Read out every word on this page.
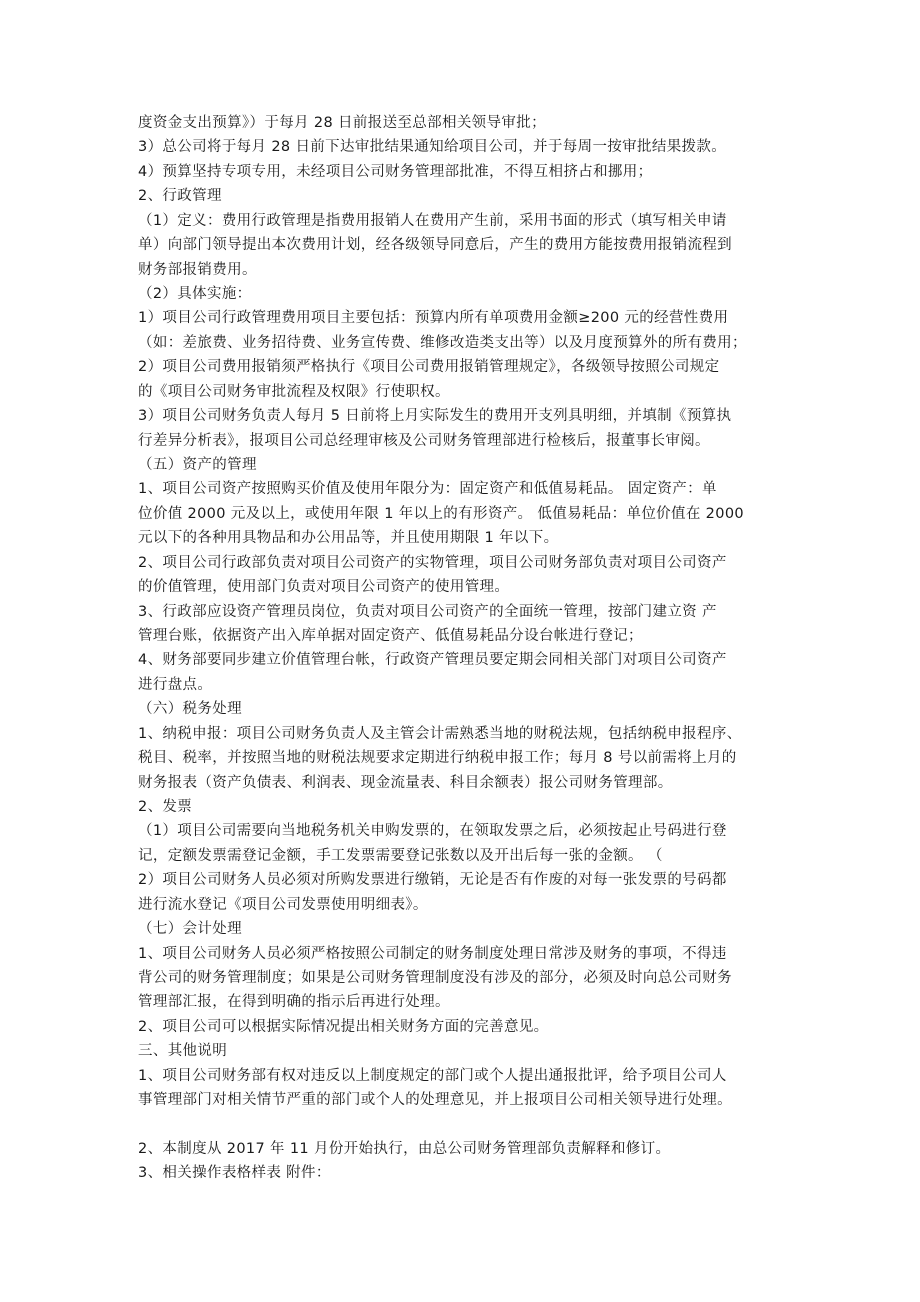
度资金支出预算》）于每月 28 日前报送至总部相关领导审批；
3）总公司将于每月 28 日前下达审批结果通知给项目公司，并于每周一按审批结果拨款。
4）预算坚持专项专用，未经项目公司财务管理部批准，不得互相挤占和挪用；
2、行政管理
（1）定义：费用行政管理是指费用报销人在费用产生前，采用书面的形式（填写相关申请
单）向部门领导提出本次费用计划，经各级领导同意后，产生的费用方能按费用报销流程到
财务部报销费用。
（2）具体实施：
1）项目公司行政管理费用项目主要包括：预算内所有单项费用金额≥200 元的经营性费用
（如：差旅费、业务招待费、业务宣传费、维修改造类支出等）以及月度预算外的所有费用；
2）项目公司费用报销须严格执行《项目公司费用报销管理规定》，各级领导按照公司规定
的《项目公司财务审批流程及权限》行使职权。
3）项目公司财务负责人每月 5 日前将上月实际发生的费用开支列具明细，并填制《预算执
行差异分析表》，报项目公司总经理审核及公司财务管理部进行检核后，报董事长审阅。
（五）资产的管理
1、项目公司资产按照购买价值及使用年限分为：固定资产和低值易耗品。 固定资产：单
位价值 2000 元及以上，或使用年限 1 年以上的有形资产。 低值易耗品：单位价值在 2000
元以下的各种用具物品和办公用品等，并且使用期限 1 年以下。
2、项目公司行政部负责对项目公司资产的实物管理，项目公司财务部负责对项目公司资产
的价值管理，使用部门负责对项目公司资产的使用管理。
3、行政部应设资产管理员岗位，负责对项目公司资产的全面统一管理，按部门建立资 产
管理台账，依据资产出入库单据对固定资产、低值易耗品分设台帐进行登记；
4、财务部要同步建立价值管理台帐，行政资产管理员要定期会同相关部门对项目公司资产
进行盘点。
（六）税务处理
1、纳税申报：项目公司财务负责人及主管会计需熟悉当地的财税法规，包括纳税申报程序、
税目、税率，并按照当地的财税法规要求定期进行纳税申报工作；每月 8 号以前需将上月的
财务报表（资产负债表、利润表、现金流量表、科目余额表）报公司财务管理部。
2、发票
（1）项目公司需要向当地税务机关申购发票的，在领取发票之后，必须按起止号码进行登
记，定额发票需登记金额，手工发票需要登记张数以及开出后每一张的金额。 （
2）项目公司财务人员必须对所购发票进行缴销，无论是否有作废的对每一张发票的号码都
进行流水登记《项目公司发票使用明细表》。
（七）会计处理
1、项目公司财务人员必须严格按照公司制定的财务制度处理日常涉及财务的事项，不得违
背公司的财务管理制度；如果是公司财务管理制度没有涉及的部分，必须及时向总公司财务
管理部汇报，在得到明确的指示后再进行处理。
2、项目公司可以根据实际情况提出相关财务方面的完善意见。
三、其他说明
1、项目公司财务部有权对违反以上制度规定的部门或个人提出通报批评，给予项目公司人
事管理部门对相关情节严重的部门或个人的处理意见，并上报项目公司相关领导进行处理。
2、本制度从 2017 年 11 月份开始执行，由总公司财务管理部负责解释和修订。
3、相关操作表格样表 附件：
